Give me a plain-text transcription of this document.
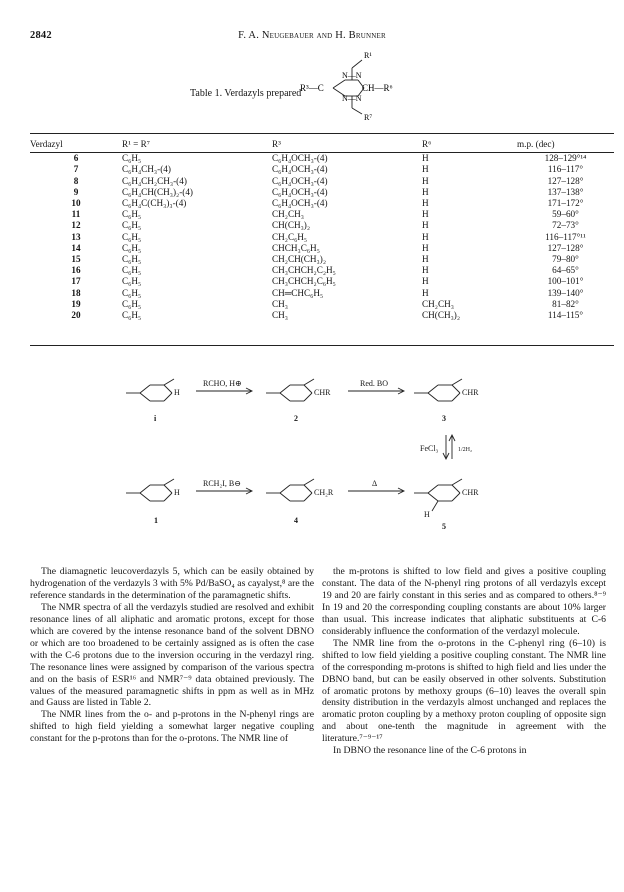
2842	F. A. Neugebauer and H. Brunner
Table 1. Verdazyls prepared
R³—C
N—N
N—N
CH—R⁶
R¹
R⁷
Verdazyl	R¹ = R⁷	R³	R⁶	m.p. (dec)
6	C₆H₅	C₆H₄OCH₃-(4)	H	128–129°¹⁴
7	C₆H₄CH₃-(4)	C₆H₄OCH₃-(4)	H	116–117°
8	C₆H₄CH₂CH₃-(4)	C₆H₄OCH₃-(4)	H	127–128°
9	C₆H₄CH(CH₃)₂-(4)	C₆H₄OCH₃-(4)	H	137–138°
10	C₆H₄C(CH₃)₃-(4)	C₆H₄OCH₃-(4)	H	171–172°
11	C₆H₅	CH₂CH₃	H	59–60°
12	C₆H₅	CH(CH₃)₂	H	72–73°
13	C₆H₅	CH₂C₆H₅	H	116–117°¹¹
14	C₆H₅	CHCH₃C₆H₅	H	127–128°
15	C₆H₅	CH₂CH(CH₃)₂	H	79–80°
16	C₆H₅	CH₃CHCH₂C₂H₅	H	64–65°
17	C₆H₅	CH₃CHCH₂C₆H₅	H	100–101°
18	C₆H₅	CH═CHC₆H₅	H	139–140°
19	C₆H₅	CH₃	CH₂CH₃	81–82°
20	C₆H₅	CH₃	CH(CH₃)₂	114–115°
RCHO, H⊕	Red. BO
FeCl₃	1/2H₂
RCH₂I, B⊖	Δ
H	CHR	CHR
H	CH₂R	CHR
H
i	2	3
1	4
5

The diamagnetic leucoverdazyls 5, which can be easily obtained by hydrogenation of the verdazyls 3 with 5% Pd/BaSO₄ as cayalyst,⁸ are the reference standards in the determination of the paramagnetic shifts.

The NMR spectra of all the verdazyls studied are resolved and exhibit resonance lines of all aliphatic and aromatic protons, except for those which are covered by the intense resonance band of the solvent DBNO or which are too broadened to be certainly assigned as is often the case with the C-6 protons due to the inversion occuring in the verdazyl ring. The resonance lines were assigned by comparison of the various spectra and on the basis of ESR¹⁶ and NMR⁷⁻⁹ data obtained previously. The values of the measured paramagnetic shifts in ppm as well as in MHz and Gauss are listed in Table 2.

The NMR lines from the o- and p-protons in the N-phenyl rings are shifted to high field yielding a somewhat larger negative coupling constant for the p-protons than for the o-protons. The NMR line of

the m-protons is shifted to low field and gives a positive coupling constant. The data of the N-phenyl ring protons of all verdazyls except 19 and 20 are fairly constant in this series and as compared to others.⁸⁻⁹ In 19 and 20 the corresponding coupling constants are about 10% larger than usual. This increase indicates that aliphatic substituents at C-6 considerably influence the conformation of the verdazyl molecule.

The NMR line from the o-protons in the C-phenyl ring (6–10) is shifted to low field yielding a positive coupling constant. The NMR line of the corresponding m-protons is shifted to high field and lies under the DBNO band, but can be easily observed in other solvents. Substitution of aromatic protons by methoxy groups (6–10) leaves the overall spin density distribution in the verdazyls almost unchanged and replaces the aromatic proton coupling by a methoxy proton coupling of opposite sign and about one-tenth the magnitude in agreement with the literature.⁷⁻⁹⁻¹⁷

In DBNO the resonance line of the C-6 protons in
